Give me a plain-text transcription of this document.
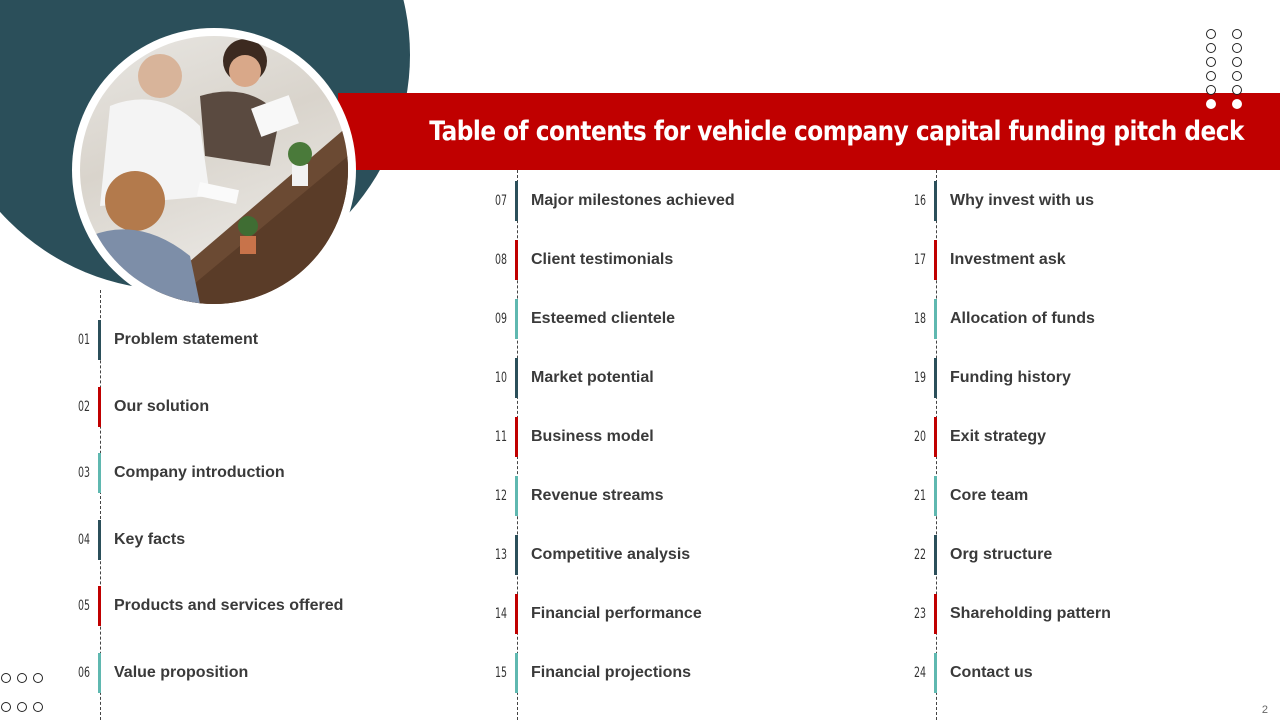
Table of contents for vehicle company capital funding pitch deck
01 Problem statement
02 Our solution
03 Company introduction
04 Key facts
05 Products and services offered
06 Value proposition
07 Major milestones achieved
08 Client testimonials
09 Esteemed clientele
10 Market potential
11 Business model
12 Revenue streams
13 Competitive analysis
14 Financial performance
15 Financial projections
16 Why invest with us
17 Investment ask
18 Allocation of funds
19 Funding history
20 Exit strategy
21 Core team
22 Org structure
23 Shareholding pattern
24 Contact us
2
